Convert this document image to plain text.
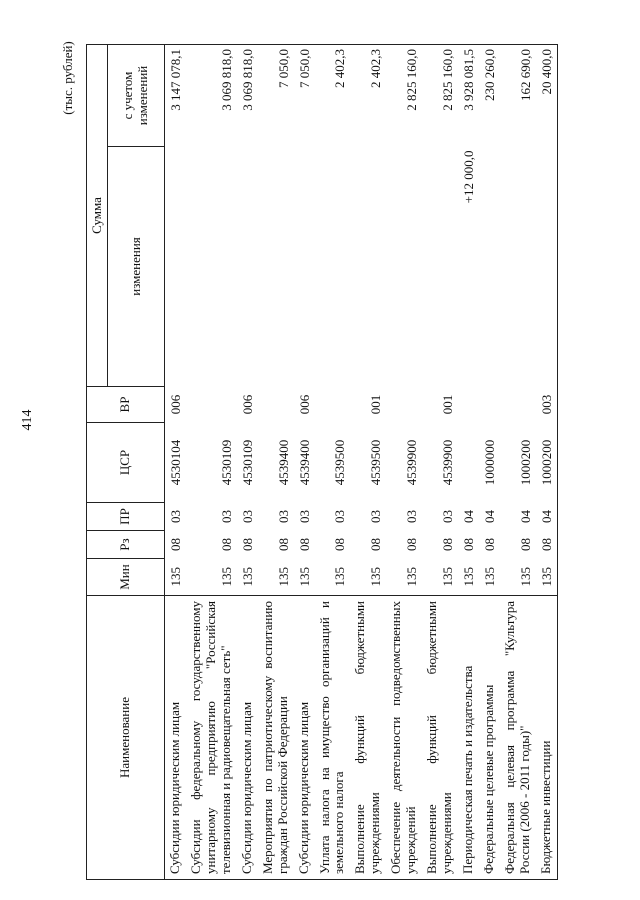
414
(тыс. рублей)
Наименование	Мин	Рз	ПР	ЦСР	ВР	Сумма	
						изменения	с учетом изменений
Субсидии юридическим лицам	135	08	03	4530104	006		3 147 078,1
Субсидии федеральному государственному унитарному предприятию "Российская телевизионная и радиовещательная сеть"	135	08	03	4530109			3 069 818,0
Субсидии юридическим лицам	135	08	03	4530109	006		3 069 818,0
Мероприятия по патриотическому воспитанию граждан Российской Федерации	135	08	03	4539400			7 050,0
Субсидии юридическим лицам	135	08	03	4539400	006		7 050,0
Уплата налога на имущество организаций и земельного налога	135	08	03	4539500			2 402,3
Выполнение функций бюджетными учреждениями	135	08	03	4539500	001		2 402,3
Обеспечение деятельности подведомственных учреждений	135	08	03	4539900			2 825 160,0
Выполнение функций бюджетными учреждениями	135	08	03	4539900	001		2 825 160,0
Периодическая печать и издательства	135	08	04			+12 000,0	3 928 081,5
Федеральные целевые программы	135	08	04	1000000			230 260,0
Федеральная целевая программа "Культура России (2006 - 2011 годы)"	135	08	04	1000200			162 690,0
Бюджетные инвестиции	135	08	04	1000200	003		20 400,0
